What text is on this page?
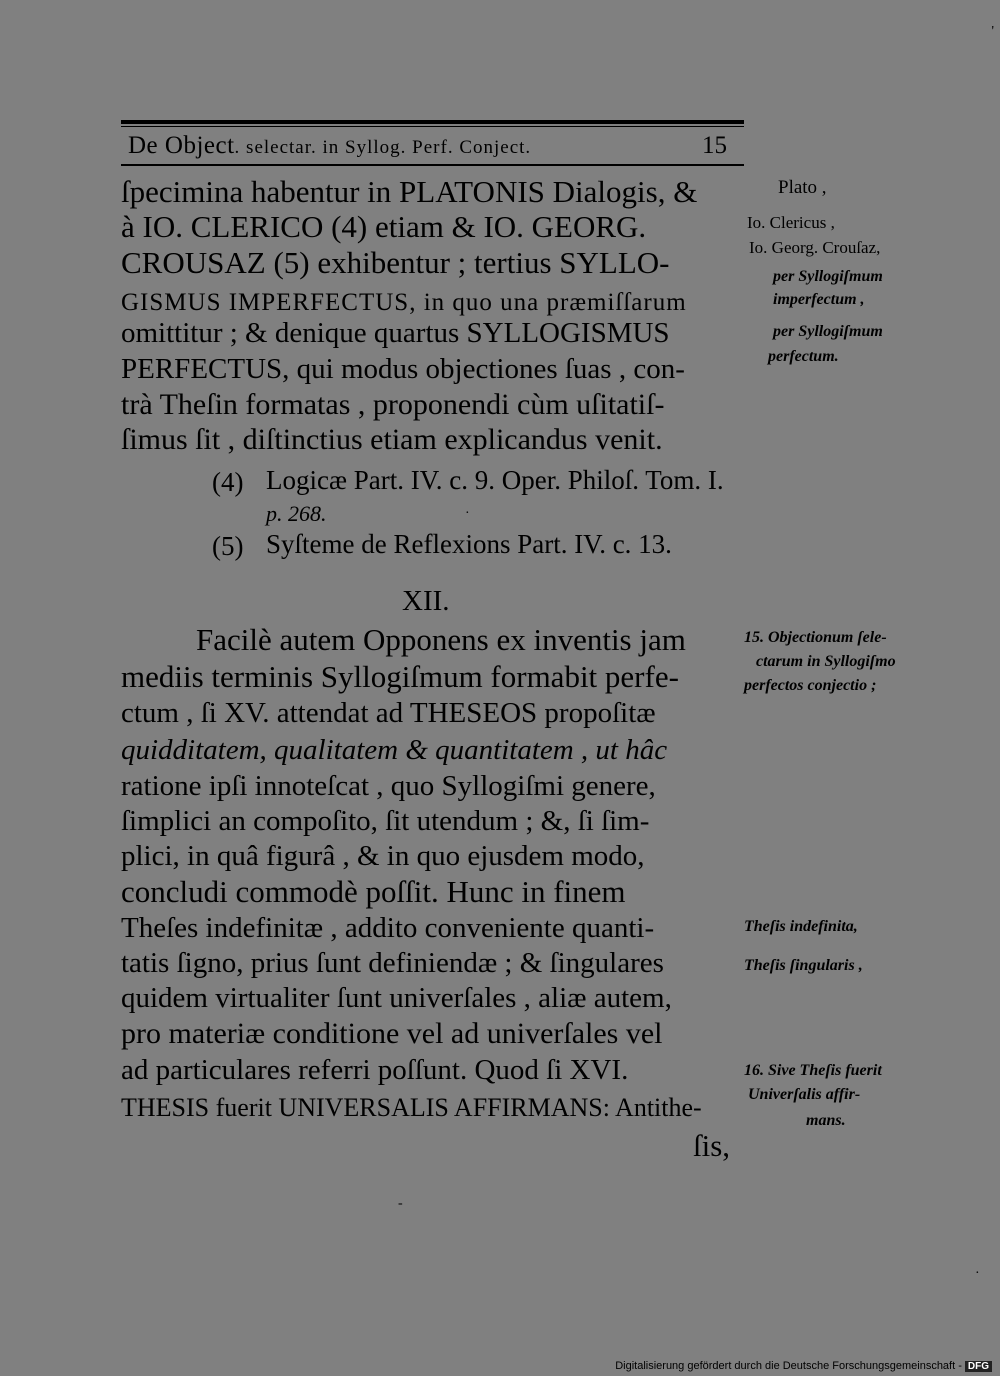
'
De Object. selectar. in Syllog. Perf. Conject.	15
ſpecimina habentur in PLATONIS Dialogis, &
à IO. CLERICO (4) etiam & IO. GEORG.
CROUSAZ (5) exhibentur ; tertius SYLLO-
GISMUS IMPERFECTUS, in quo una præmiſſarum
omittitur ; & denique quartus SYLLOGISMUS
PERFECTUS, qui modus objectiones ſuas , con-
trà Theſin formatas , proponendi cùm uſitatiſ-
ſimus ſit , diſtinctius etiam explicandus venit.
(4) Logicæ Part. IV. c. 9. Oper. Philoſ. Tom. I.
p. 268.	·
(5) Syſteme de Reflexions Part. IV. c. 13.
XII.
Facilè autem Opponens ex inventis jam
mediis terminis Syllogiſmum formabit perfe-
ctum , ſi XV. attendat ad THESEOS propoſitæ
quidditatem, qualitatem & quantitatem , ut hâc
ratione ipſi innoteſcat , quo Syllogiſmi genere,
ſimplici an compoſito, ſit utendum ; &, ſi ſim-
plici, in quâ figurâ , & in quo ejusdem modo,
concludi commodè poſſit. Hunc in finem
Theſes indefinitæ , addito conveniente quanti-
tatis ſigno, prius ſunt definiendæ ; & ſingulares
quidem virtualiter ſunt univerſales , aliæ autem,
pro materiæ conditione vel ad univerſales vel
ad particulares referri poſſunt. Quod ſi XVI.
THESIS fuerit UNIVERSALIS AFFIRMANS: Antithe-
ſis,
-
·
Plato ,
Io. Clericus ,
Io. Georg. Crouſaz,
per Syllogiſmum
imperfectum ,
per Syllogiſmum
perfectum.
15. Objectionum ſele-
ctarum in Syllogiſmo
perfectos conjectio ;
Theſis indefinita,
Theſis ſingularis ,
16. Sive Theſis fuerit
Univerſalis affir-
mans.
Digitalisierung gefördert durch die Deutsche Forschungsgemeinschaft - DFG
